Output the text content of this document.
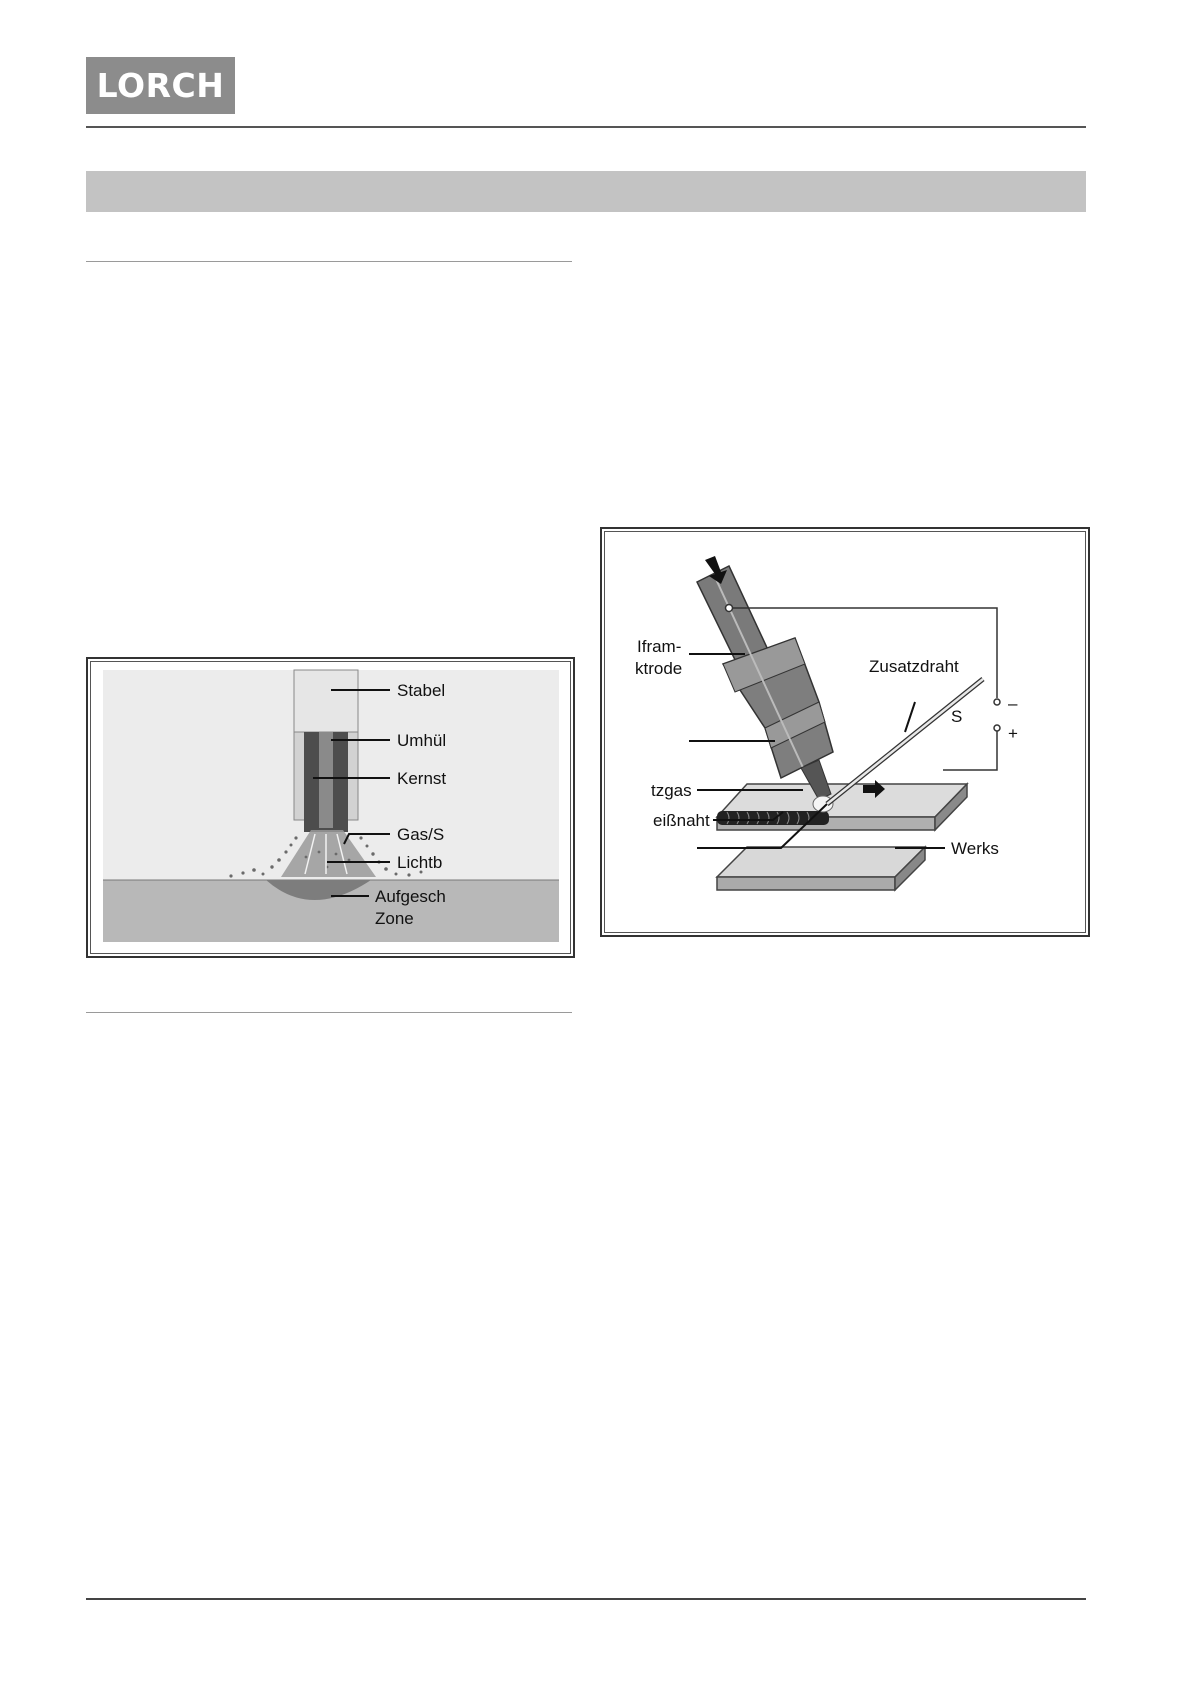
LORCH
Stabel
Umhül
Kernst
Gas/S
Lichtb
Aufgesch
Zone
Ifram-
ktrode	Zusatzdraht
S
–
+
tzgas
eißnaht
Werks
